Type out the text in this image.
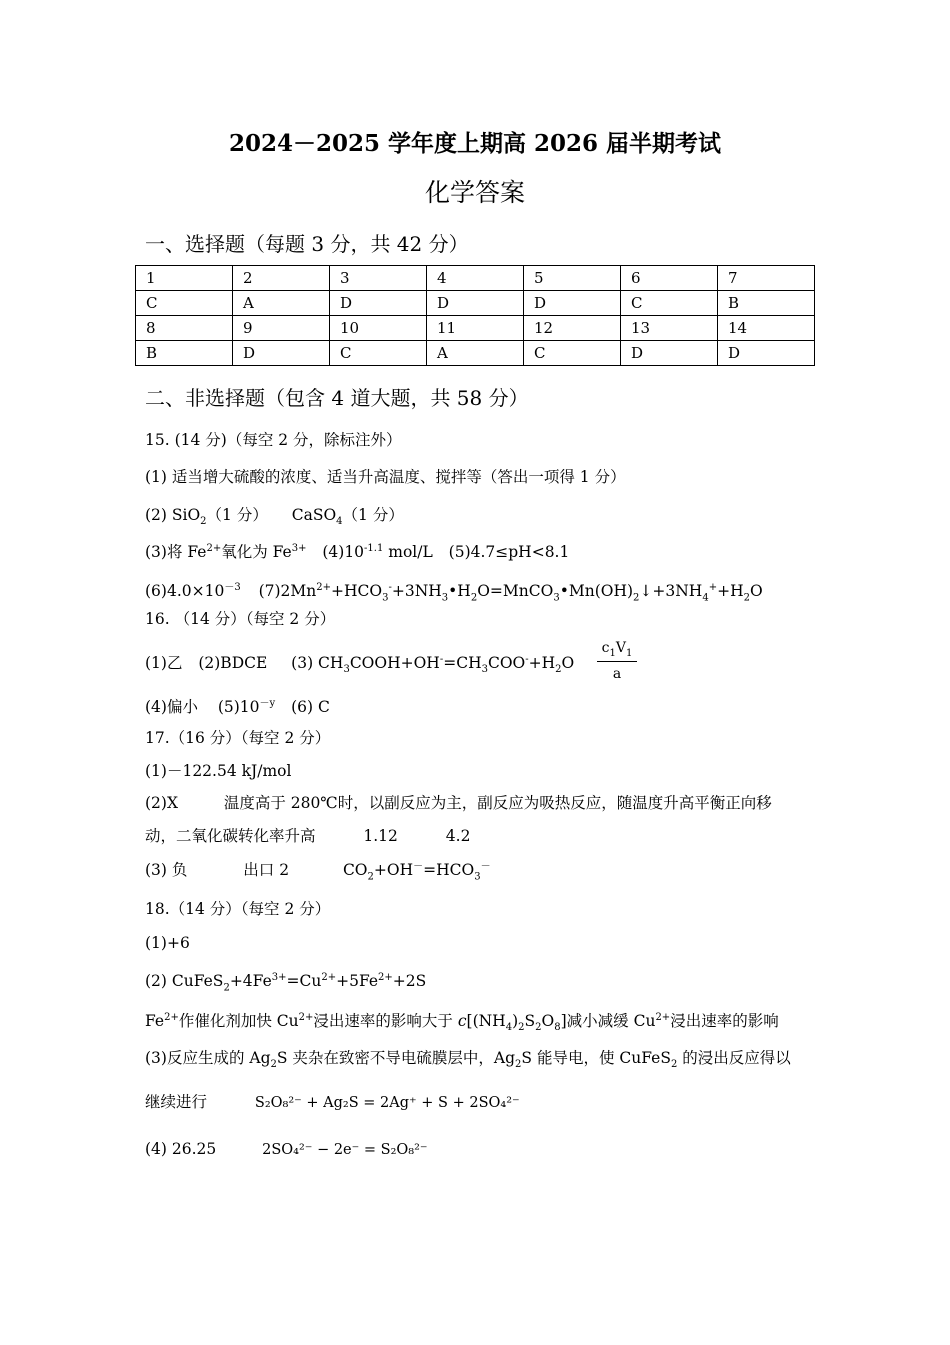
2024－2025 学年度上期高 2026 届半期考试
化学答案
一、选择题（每题 3 分，共 42 分）
1	2	3	4	5	6	7
C	A	D	D	D	C	B
8	9	10	11	12	13	14
B	D	C	A	C	D	D
二、非选择题（包含 4 道大题，共 58 分）
15. (14 分)（每空 2 分，除标注外）
(1) 适当增大硫酸的浓度、适当升高温度、搅拌等（答出一项得 1 分）
(2) SiO$_2$（1 分） CaSO$_4$（1 分）
(3)将 $Fe^{2+}$氧化为 $Fe^{3+}$ $(4)10^{-1.1}$ mol/L (5)4.7≤pH<8.1
$(6)4.0\times 10^{-3}$ $(7)2Mn^{2+}+HCO_3^-+3NH_3•H_2O=MnCO_3•Mn(OH)_2↓+3NH_4^++H_2O$
16. （14 分）（每空 2 分）
(1)乙 (2)BDCE (3) $CH_3COOH+OH^-=CH_3COO^-+H_2O \frac{c_1V_1}{a}$
(4)偏小 $(5)10^{-y}$ (6) C
17.（16 分）（每空 2 分）
(1)－122.54 kJ/mol
(2)X	温度高于 280℃时，以副反应为主，副反应为吸热反应，随温度升高平衡正向移
动，二氧化碳转化率升高	1.12	4.2
(3) 负	出口 2	$CO_2+OH^-=HCO_3^-$
18.（14 分）（每空 2 分）
(1)+6
(2) $CuFeS_2+4Fe^{3+}=Cu^{2+}+5Fe^{2+}+2S$
$Fe^{2+}$作催化剂加快 $Cu^{2+}$浸出速率的影响大于 $c[(NH_4)_2S_2O_8]$减小减缓 $Cu^{2+}$浸出速率的影响
(3)反应生成的 $Ag_2S$ 夹杂在致密不导电硫膜层中，$Ag_2S$ 能导电，使 CuFeS$_2$ 的浸出反应得以
继续进行	S₂O₈²⁻ + Ag₂S = 2Ag⁺ + S + 2SO₄²⁻
(4) 26.25	2SO₄²⁻ − 2e⁻ = S₂O₈²⁻
